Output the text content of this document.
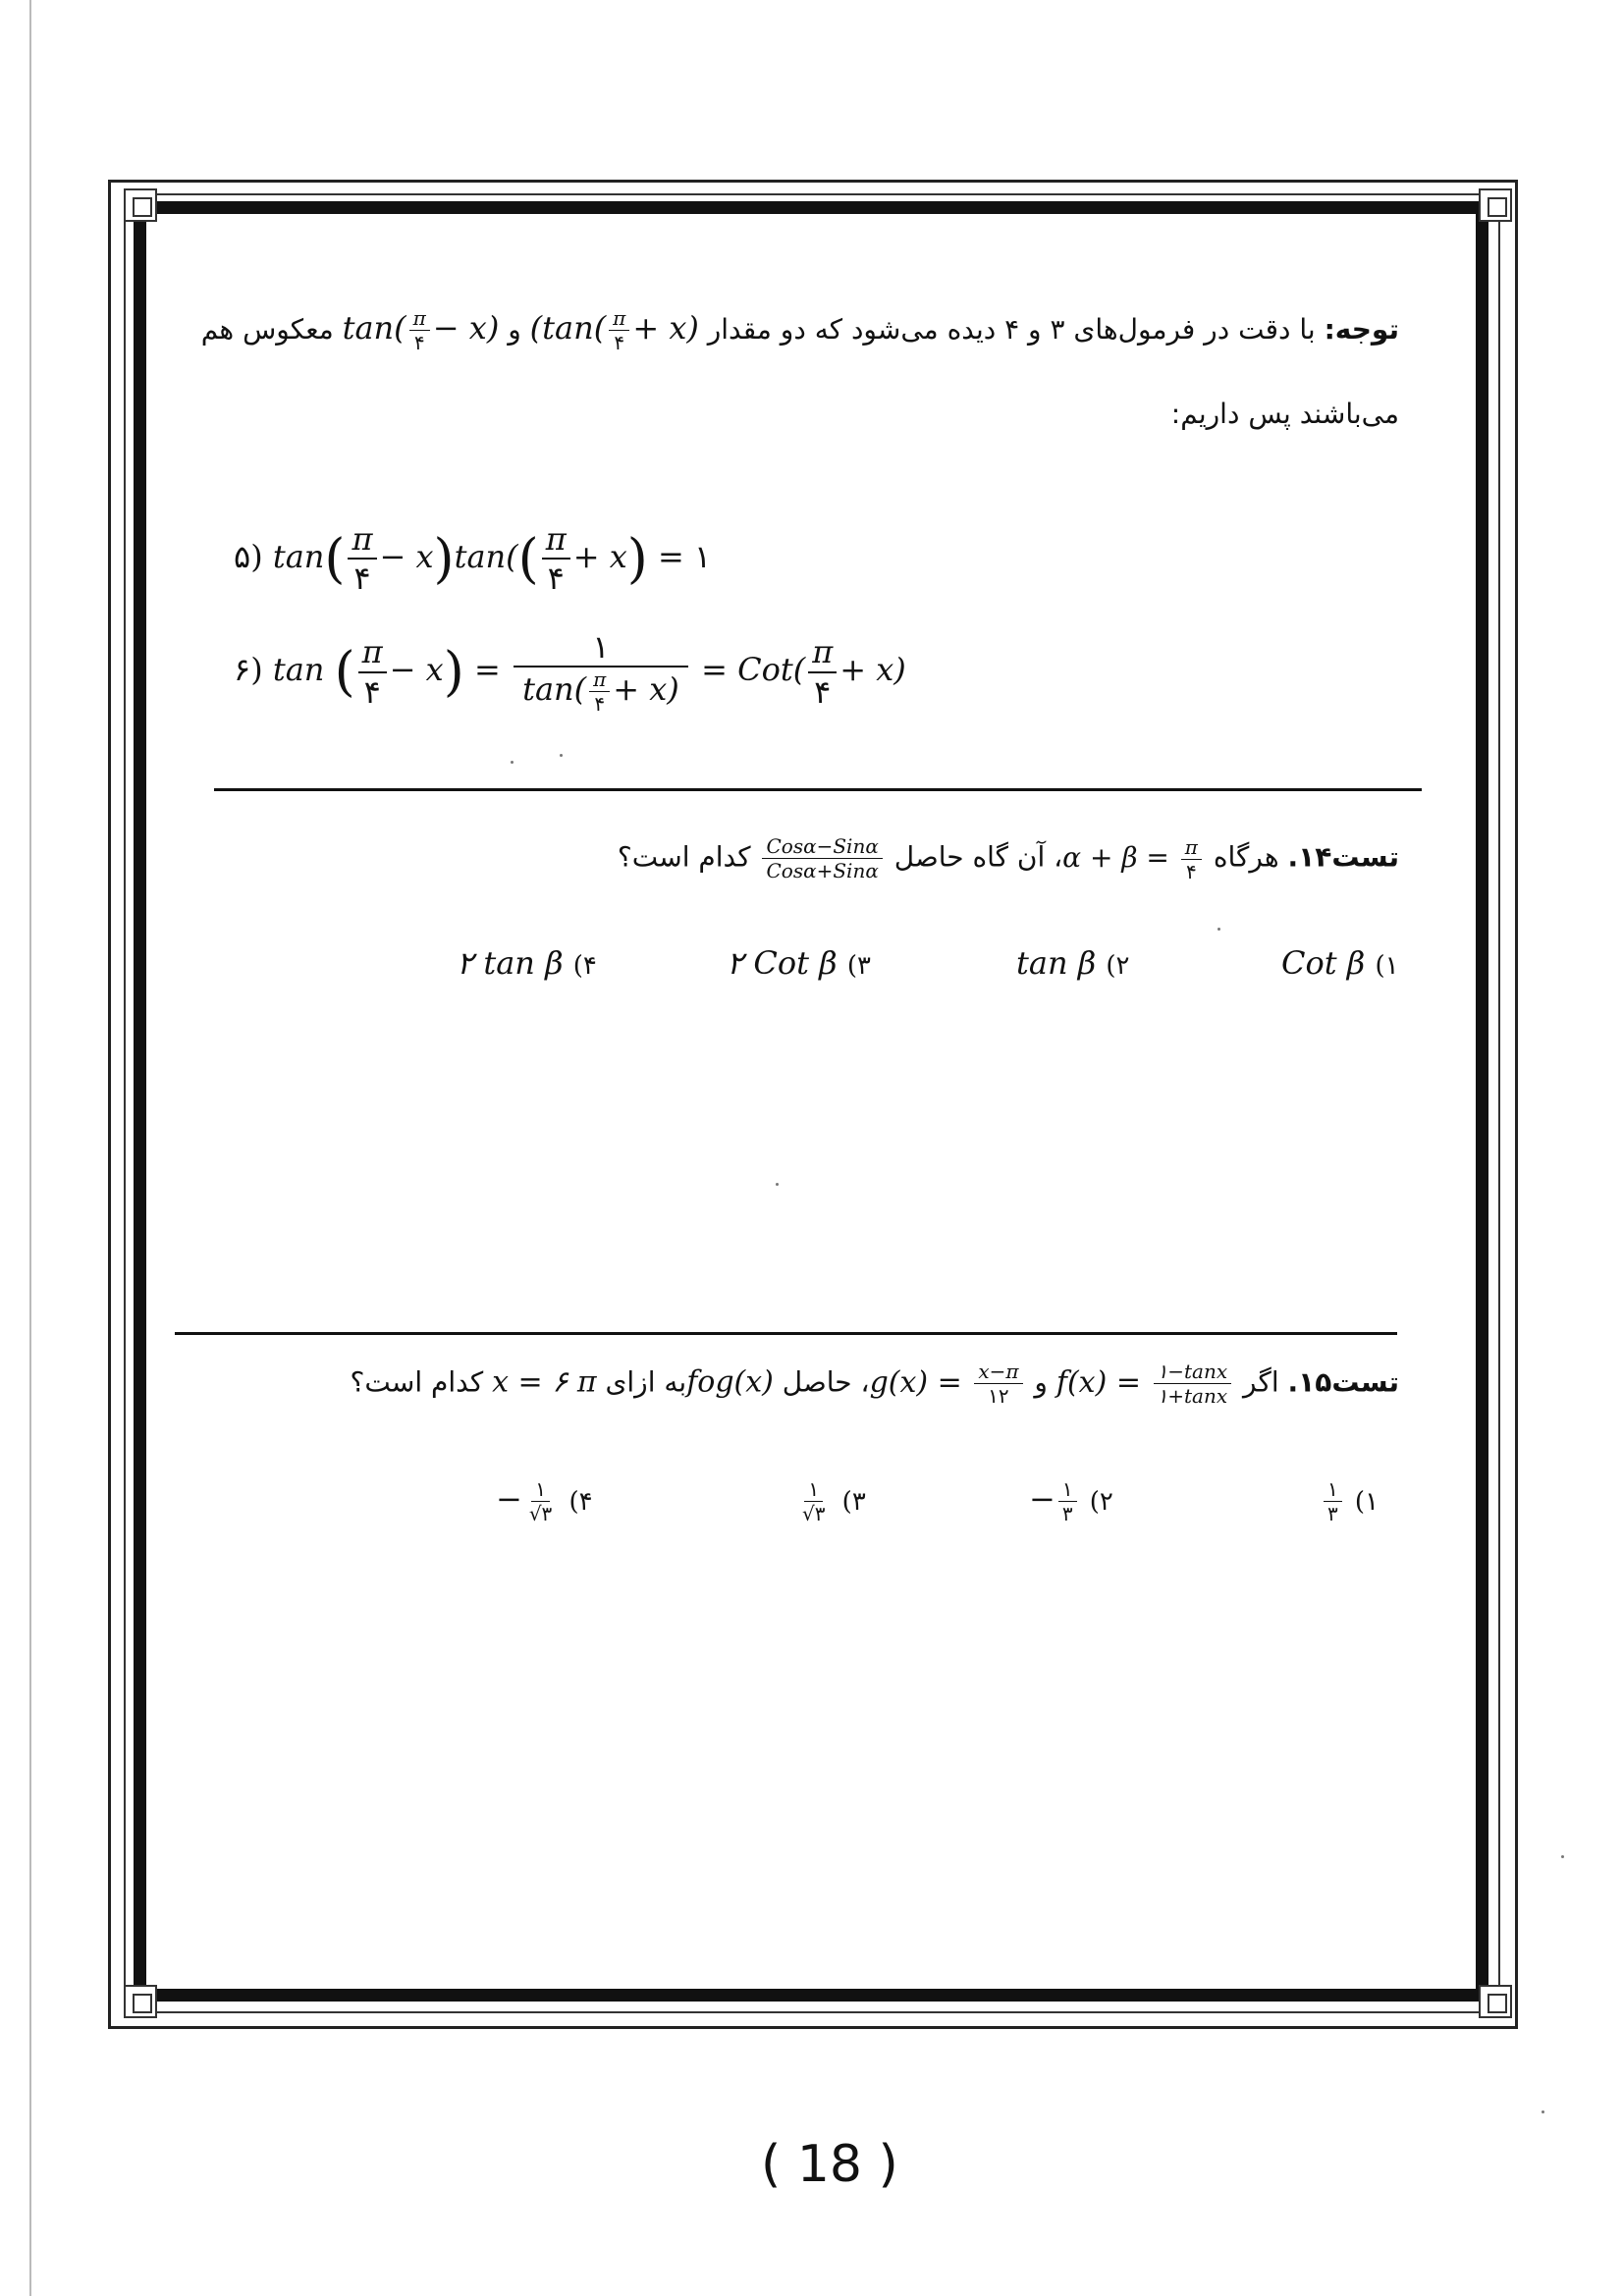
توجه: با دقت در فرمول‌های ۳ و ۴ دیده می‌شود که دو مقدار ($\tan( \frac{\pi}{۴} + x)$ و $\tan( \frac{\pi}{۴} - x)$ معکوس هم
می‌باشند پس داریم:
۵) $\tan( \frac{\pi}{۴} - x)\tan(( \frac{\pi}{۴} + x)$ = ۱
۶) tan ( $\frac{\pi}{۴} - x) = \frac{۱}{\tan( \frac{\pi}{۴} + x)} = Cot( \frac{\pi}{۴} + x)$
تست۱۴. هرگاه $\alpha + \beta = \frac{\pi}{۴}$
، آن گاه حاصل
$\frac{\text{Cosα−Sinα}}{\text{Cosα+Sinα}}$
کدام است؟
۱) Cot β
۲) tan β
۳) ۲ Cot β
۴) ۲ tan β
تست۱۵. اگر $f(x) = \frac{۱-\tan x}{۱+\tan x}$
و $g(x) = \frac{x-\pi}{۱۲}$
، حاصل fog(x)به ازای x = ۶ π کدام است؟
۱)
$\frac{۱}{۳}$
۲) − $\frac{۱}{۳}$
۳)
$\frac{۱}{√۳}$
۴) − $\frac{۱}{√۳}$
( 18 )
